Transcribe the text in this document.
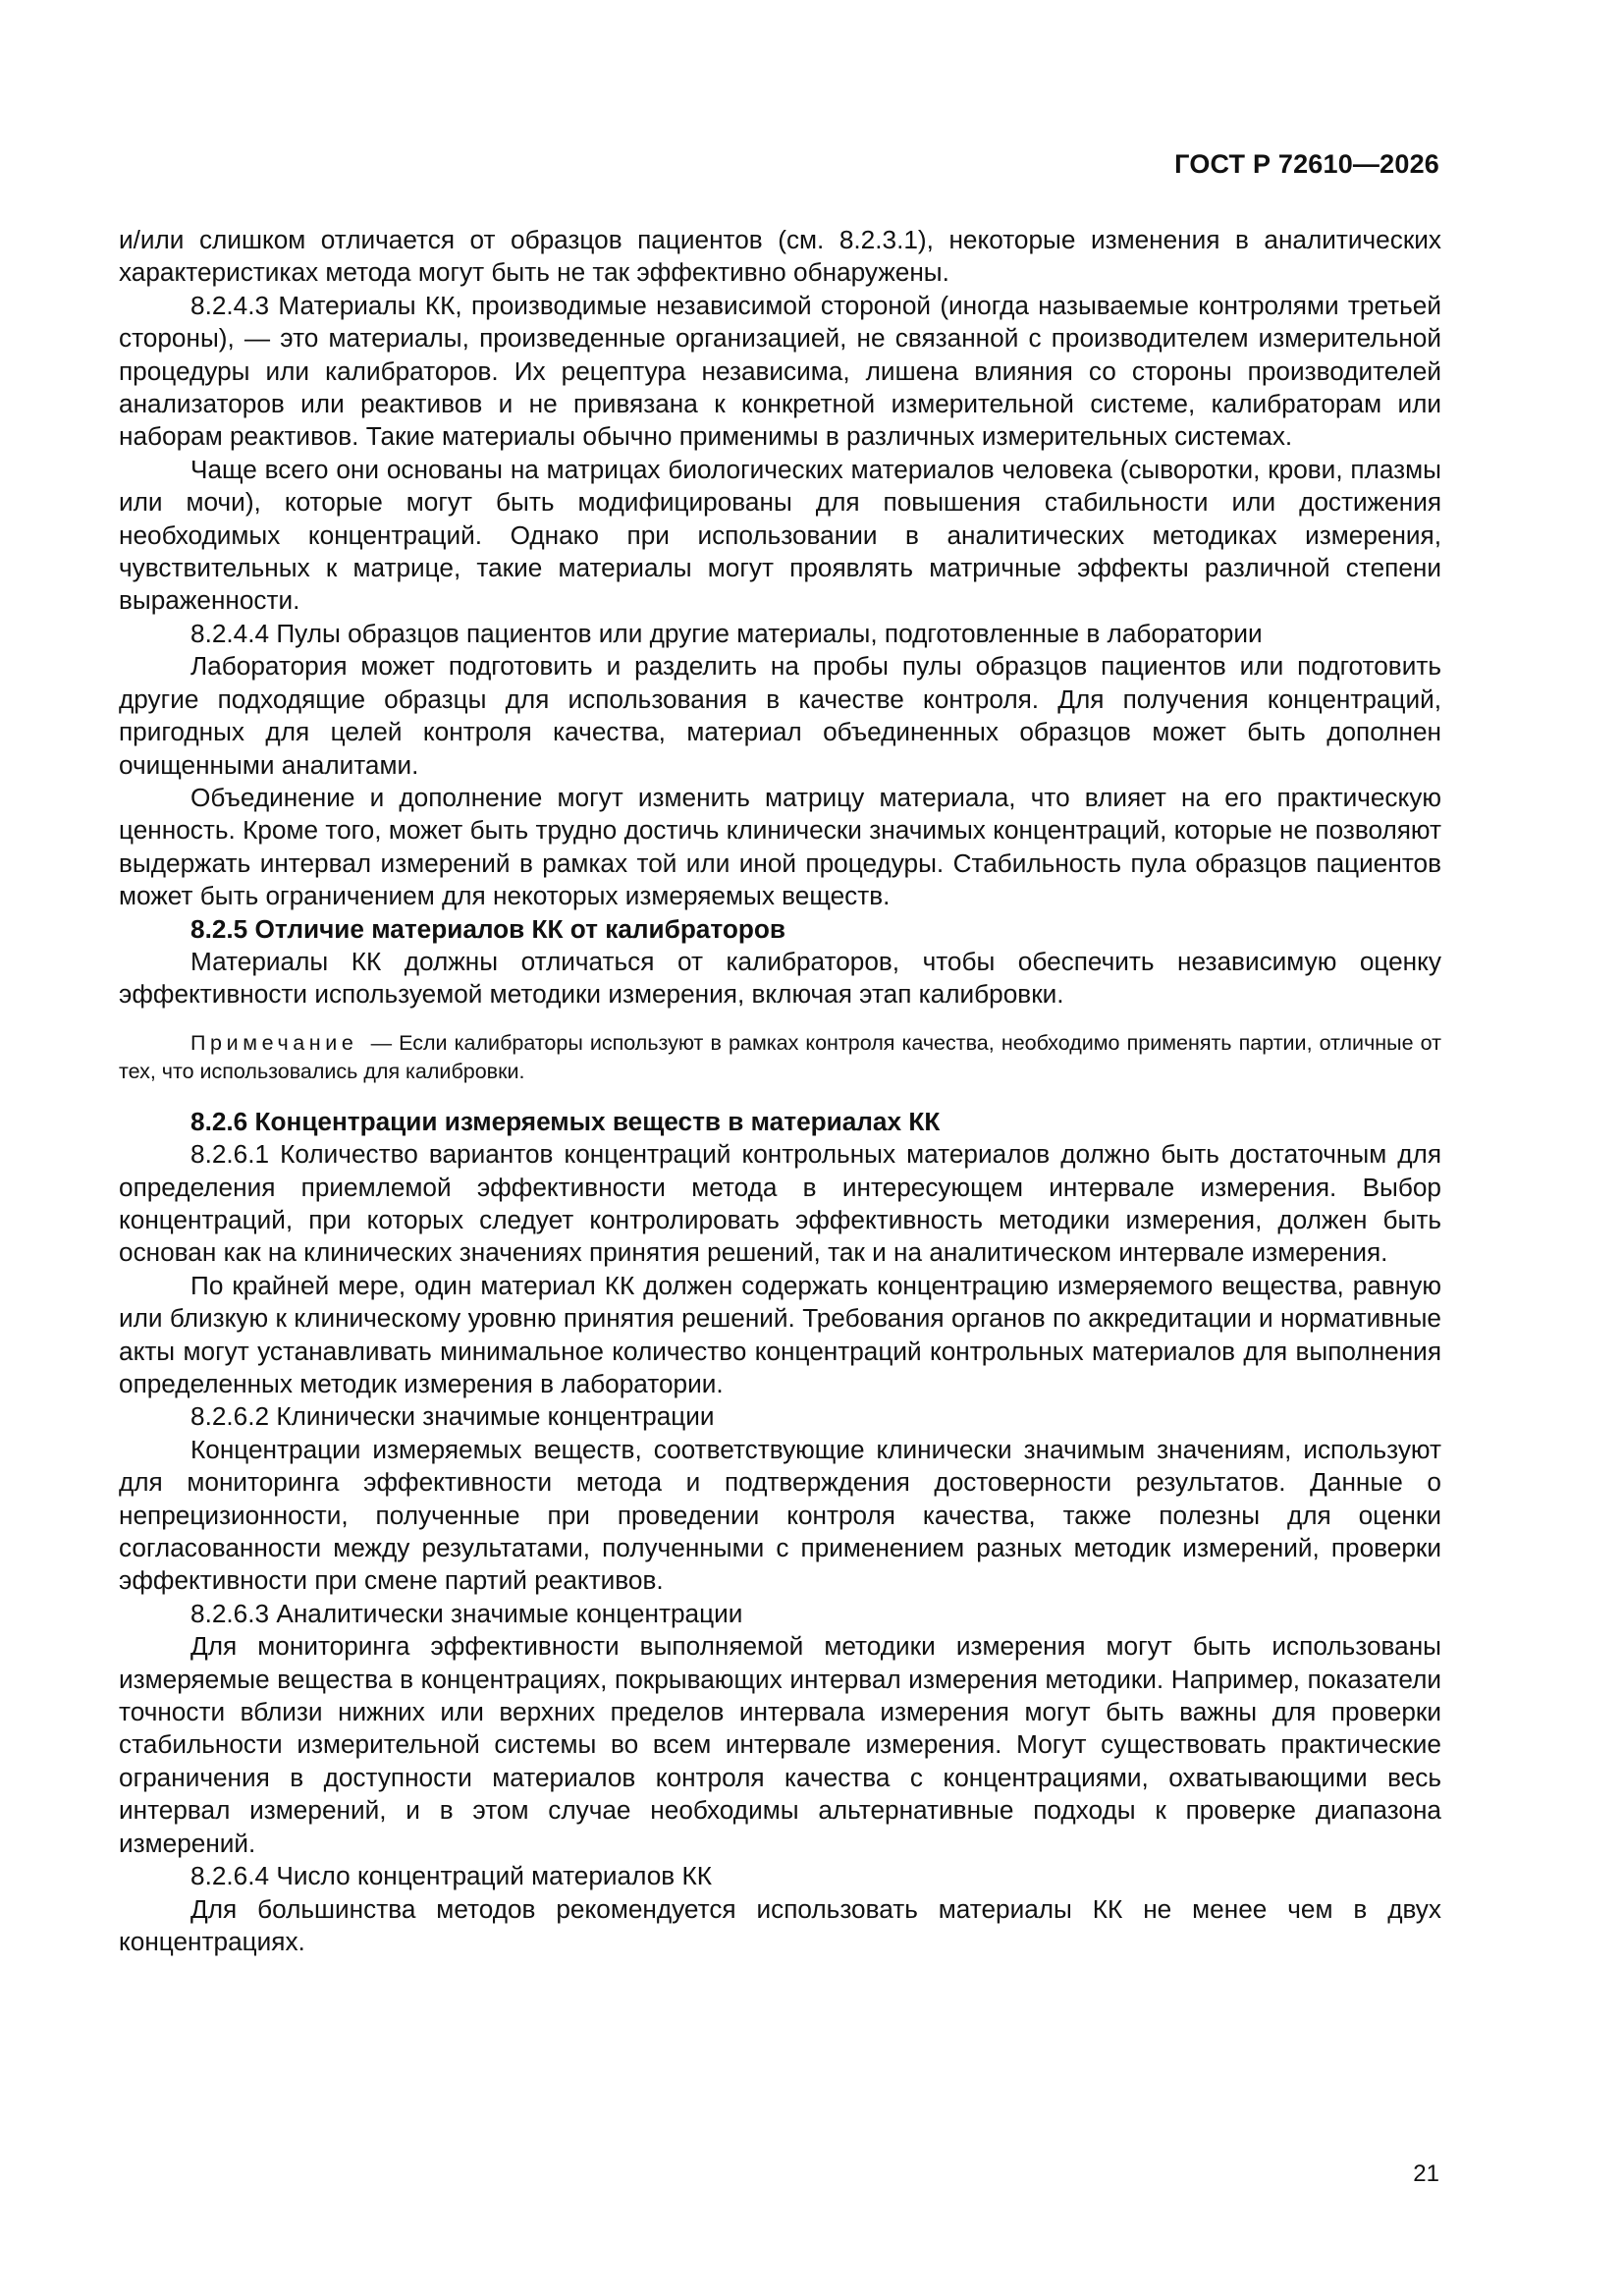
ГОСТ Р 72610—2026

и/или слишком отличается от образцов пациентов (см. 8.2.3.1), некоторые изменения в аналитических характеристиках метода могут быть не так эффективно обнаружены.

8.2.4.3 Материалы КК, производимые независимой стороной (иногда называемые контролями третьей стороны), — это материалы, произведенные организацией, не связанной с производителем измерительной процедуры или калибраторов. Их рецептура независима, лишена влияния со стороны производителей анализаторов или реактивов и не привязана к конкретной измерительной системе, калибраторам или наборам реактивов. Такие материалы обычно применимы в различных измерительных системах.

Чаще всего они основаны на матрицах биологических материалов человека (сыворотки, крови, плазмы или мочи), которые могут быть модифицированы для повышения стабильности или достижения необходимых концентраций. Однако при использовании в аналитических методиках измерения, чувствительных к матрице, такие материалы могут проявлять матричные эффекты различной степени выраженности.

8.2.4.4 Пулы образцов пациентов или другие материалы, подготовленные в лаборатории

Лаборатория может подготовить и разделить на пробы пулы образцов пациентов или подготовить другие подходящие образцы для использования в качестве контроля. Для получения концентраций, пригодных для целей контроля качества, материал объединенных образцов может быть дополнен очищенными аналитами.

Объединение и дополнение могут изменить матрицу материала, что влияет на его практическую ценность. Кроме того, может быть трудно достичь клинически значимых концентраций, которые не позволяют выдержать интервал измерений в рамках той или иной процедуры. Стабильность пула образцов пациентов может быть ограничением для некоторых измеряемых веществ.

8.2.5 Отличие материалов КК от калибраторов

Материалы КК должны отличаться от калибраторов, чтобы обеспечить независимую оценку эффективности используемой методики измерения, включая этап калибровки.

Примечание — Если калибраторы используют в рамках контроля качества, необходимо применять партии, отличные от тех, что использовались для калибровки.

8.2.6 Концентрации измеряемых веществ в материалах КК

8.2.6.1 Количество вариантов концентраций контрольных материалов должно быть достаточным для определения приемлемой эффективности метода в интересующем интервале измерения. Выбор концентраций, при которых следует контролировать эффективность методики измерения, должен быть основан как на клинических значениях принятия решений, так и на аналитическом интервале измерения.

По крайней мере, один материал КК должен содержать концентрацию измеряемого вещества, равную или близкую к клиническому уровню принятия решений. Требования органов по аккредитации и нормативные акты могут устанавливать минимальное количество концентраций контрольных материалов для выполнения определенных методик измерения в лаборатории.

8.2.6.2 Клинически значимые концентрации

Концентрации измеряемых веществ, соответствующие клинически значимым значениям, используют для мониторинга эффективности метода и подтверждения достоверности результатов. Данные о непрецизионности, полученные при проведении контроля качества, также полезны для оценки согласованности между результатами, полученными с применением разных методик измерений, проверки эффективности при смене партий реактивов.

8.2.6.3 Аналитически значимые концентрации

Для мониторинга эффективности выполняемой методики измерения могут быть использованы измеряемые вещества в концентрациях, покрывающих интервал измерения методики. Например, показатели точности вблизи нижних или верхних пределов интервала измерения могут быть важны для проверки стабильности измерительной системы во всем интервале измерения. Могут существовать практические ограничения в доступности материалов контроля качества с концентрациями, охватывающими весь интервал измерений, и в этом случае необходимы альтернативные подходы к проверке диапазона измерений.

8.2.6.4 Число концентраций материалов КК

Для большинства методов рекомендуется использовать материалы КК не менее чем в двух концентрациях.

21
